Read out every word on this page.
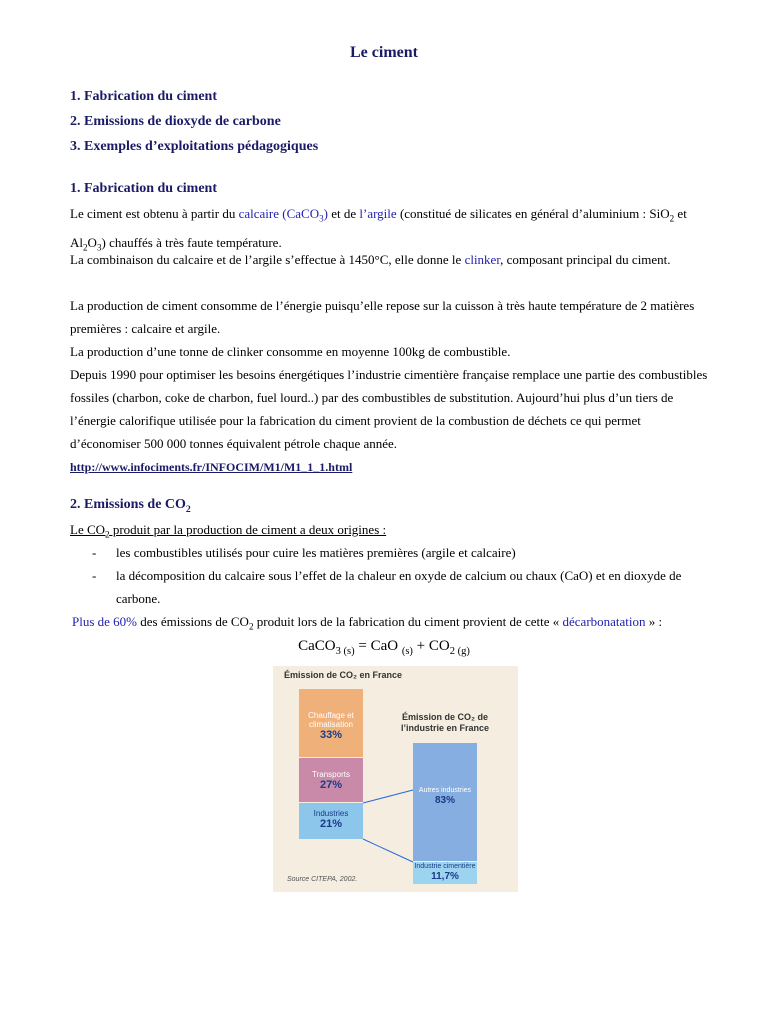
Le ciment
1. Fabrication du ciment
2. Emissions de dioxyde de carbone
3. Exemples d’exploitations pédagogiques
1. Fabrication du ciment
Le ciment est obtenu à partir du calcaire (CaCO$_3$) et de l’argile (constitué de silicates en général d’aluminium : SiO$_2$ et $Al_2O_3$) chauffés à très faute température.
La combinaison du calcaire et de l’argile s’effectue à 1450°C, elle donne le clinker, composant principal du ciment.
La production de ciment consomme de l’énergie puisqu’elle repose sur la cuisson à très haute température de 2 matières premières : calcaire et argile.
La production d’une tonne de clinker consomme en moyenne 100kg de combustible.
Depuis 1990 pour optimiser les besoins énergétiques l’industrie cimentière française remplace une partie des combustibles fossiles (charbon, coke de charbon, fuel lourd..) par des combustibles de substitution. Aujourd’hui plus d’un tiers de l’énergie calorifique utilisée pour la fabrication du ciment provient de la combustion de déchets ce qui permet d’économiser 500 000 tonnes équivalent pétrole chaque année.
http://www.infociments.fr/INFOCIM/M1/M1_1_1.html
2. Emissions de $CO_2$
Le $CO_2$ produit par la production de ciment a deux origines :
- les combustibles utilisés pour cuire les matières premières (argile et calcaire)
-	la décomposition du calcaire sous l’effet de la chaleur en oxyde de calcium ou chaux (CaO) et en dioxyde de carbone.
Plus de 60% des émissions de $CO_2$ produit lors de la fabrication du ciment provient de cette « décarbonatation » :
CaCO$_{3 (s)}$ = CaO $_{(s)} + CO_{2 (g)}$
Émission de CO₂ en France
Émission de CO₂ de l’industrie en France
Chauffage et climatisation
33%
Transports
27%
Industries
21%
Autres industries
83%
Industrie cimentière
11,7%
Source CITEPA, 2002.
